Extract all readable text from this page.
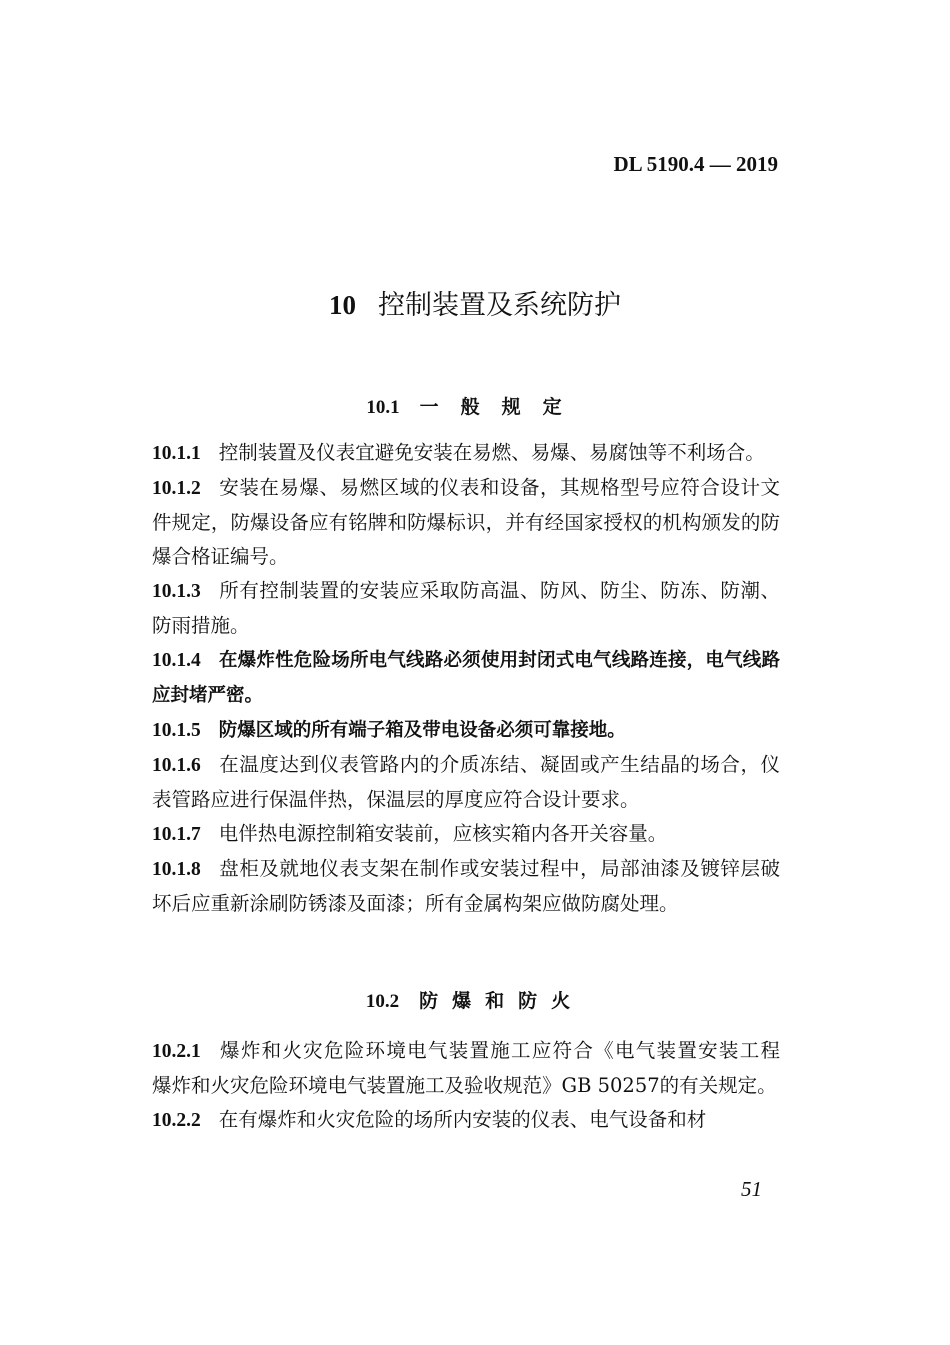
DL 5190.4 — 2019
10 控制装置及系统防护
10.1 一般规定
10.1.1 控制装置及仪表宜避免安装在易燃、易爆、易腐蚀等不利场合。
10.1.2 安装在易爆、易燃区域的仪表和设备，其规格型号应符合设计文件规定，防爆设备应有铭牌和防爆标识，并有经国家授权的机构颁发的防爆合格证编号。
10.1.3 所有控制装置的安装应采取防高温、防风、防尘、防冻、防潮、防雨措施。
10.1.4 在爆炸性危险场所电气线路必须使用封闭式电气线路连接，电气线路应封堵严密。
10.1.5 防爆区域的所有端子箱及带电设备必须可靠接地。
10.1.6 在温度达到仪表管路内的介质冻结、凝固或产生结晶的场合，仪表管路应进行保温伴热，保温层的厚度应符合设计要求。
10.1.7 电伴热电源控制箱安装前，应核实箱内各开关容量。
10.1.8 盘柜及就地仪表支架在制作或安装过程中，局部油漆及镀锌层破坏后应重新涂刷防锈漆及面漆；所有金属构架应做防腐处理。
10.2 防爆和防火
10.2.1 爆炸和火灾危险环境电气装置施工应符合《电气装置安装工程　爆炸和火灾危险环境电气装置施工及验收规范》GB 50257的有关规定。
10.2.2 在有爆炸和火灾危险的场所内安装的仪表、电气设备和材
51
